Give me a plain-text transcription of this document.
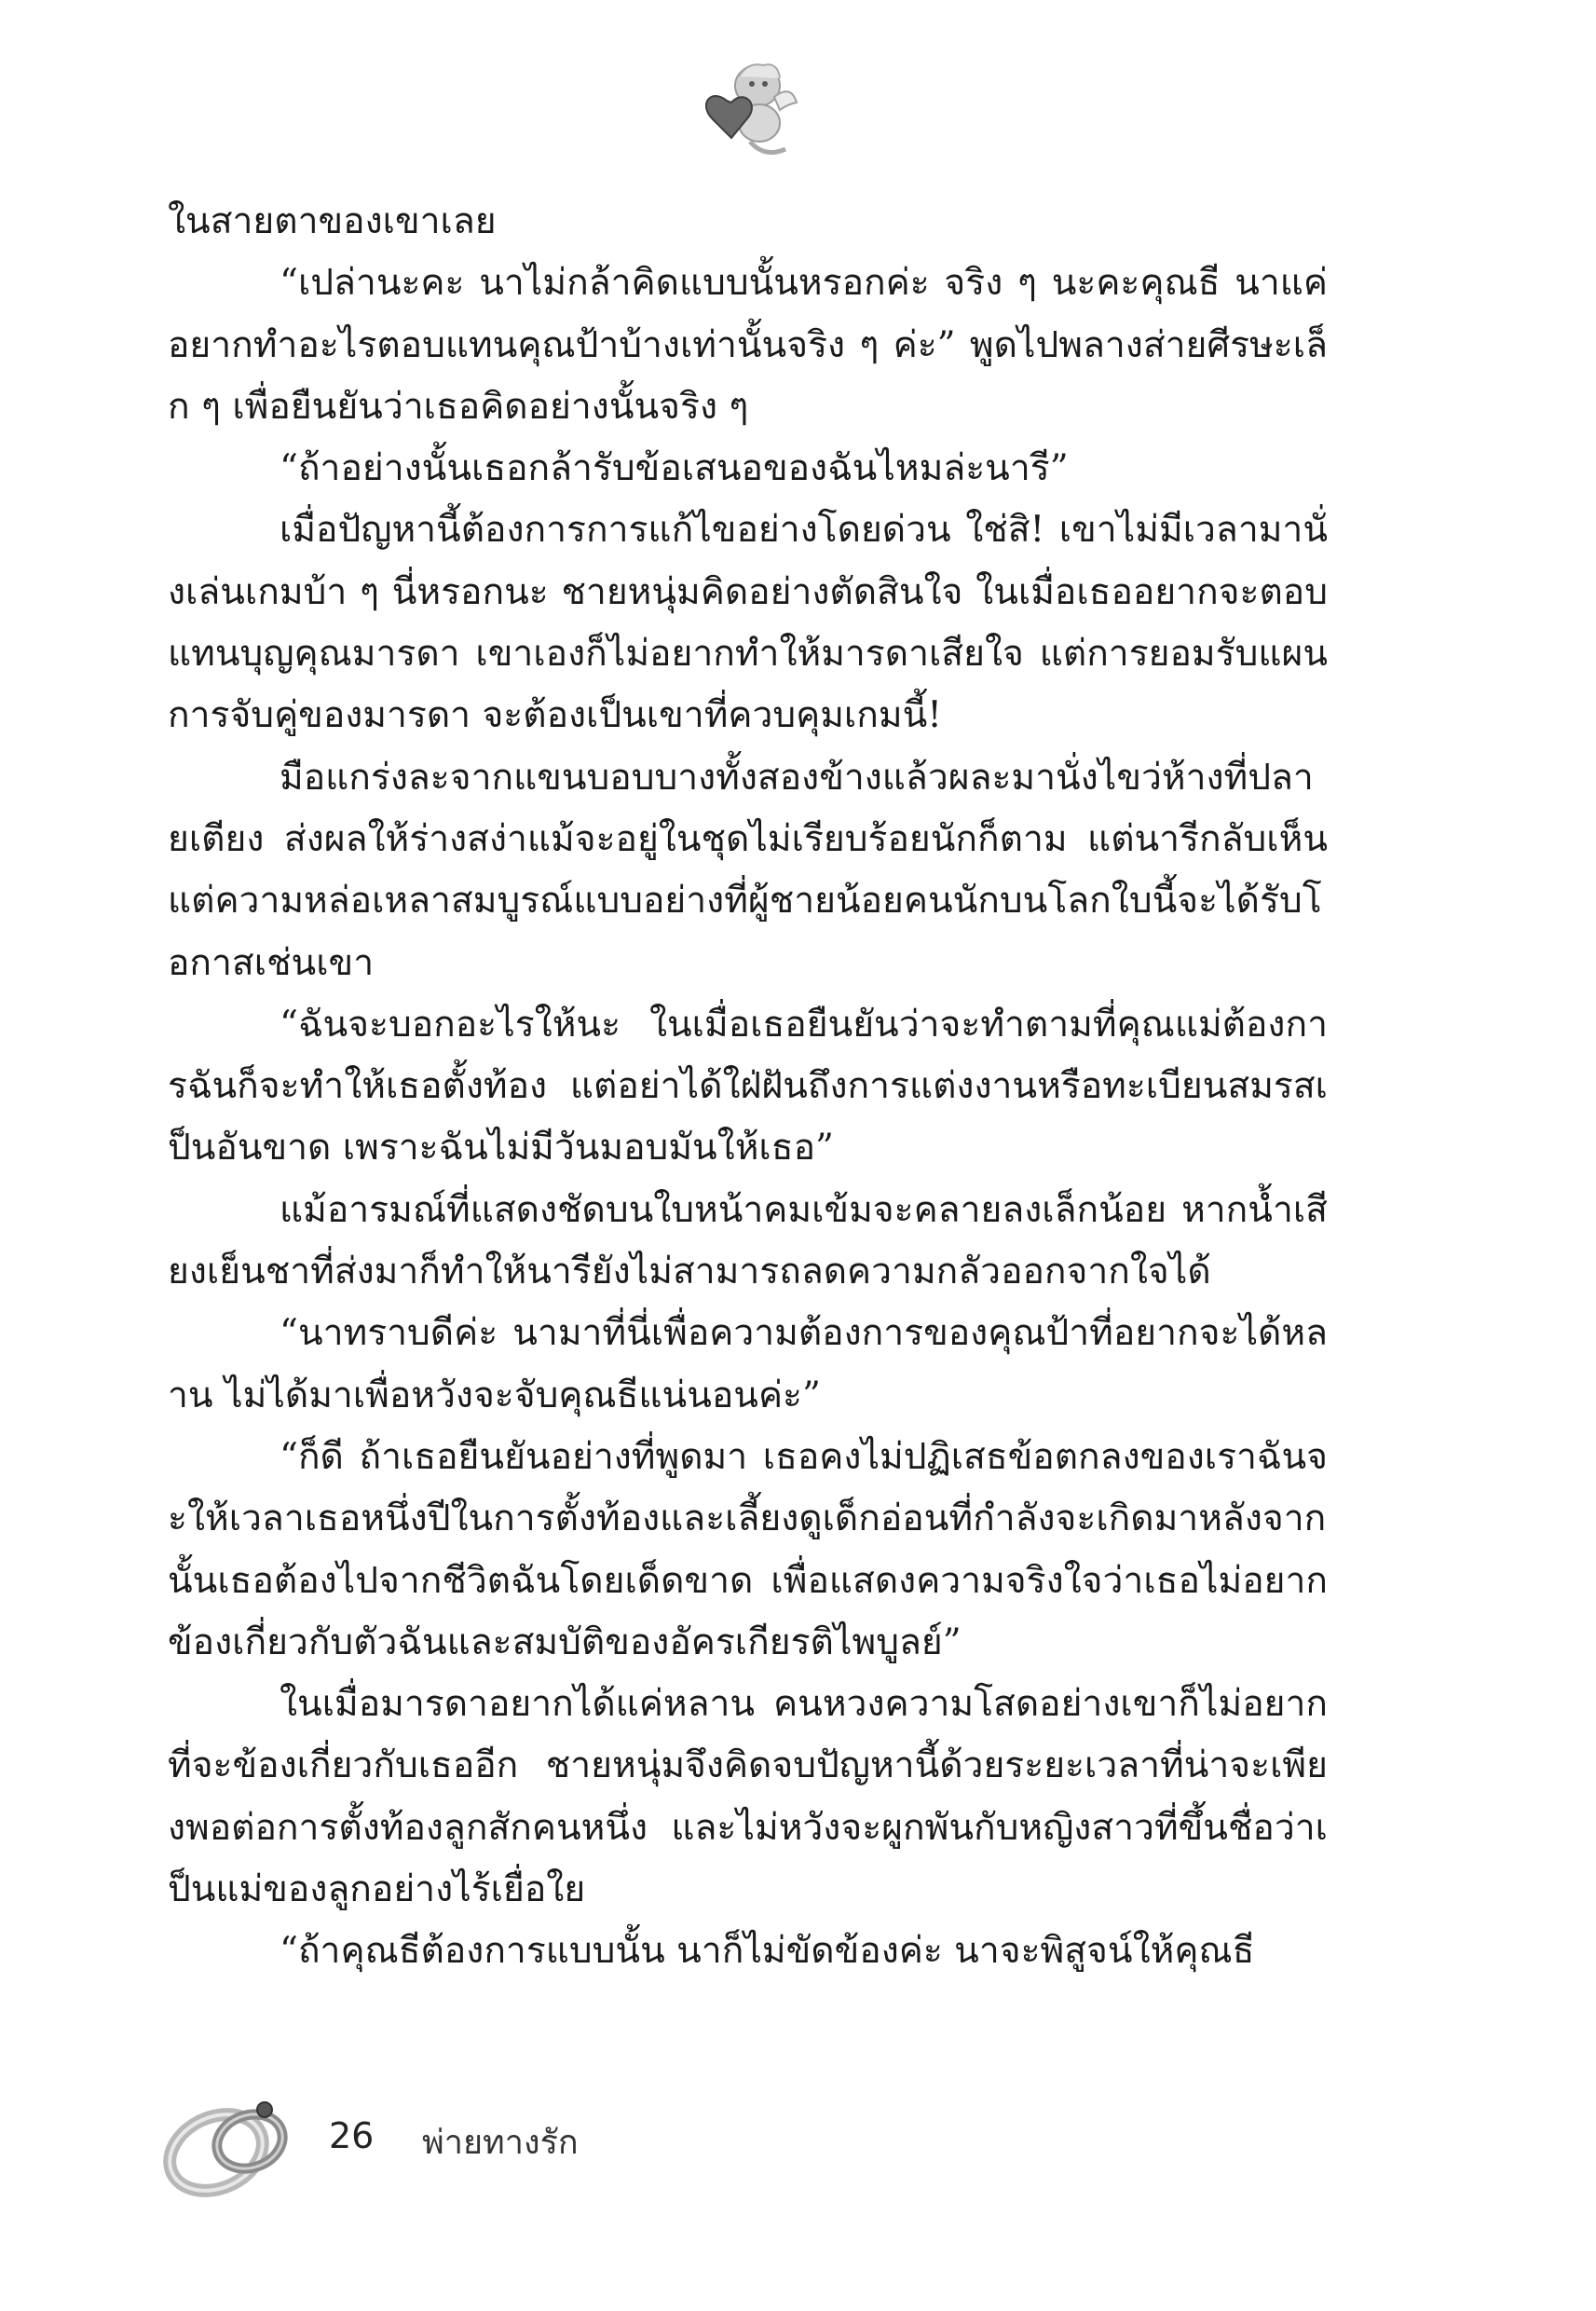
ในสายตาของเขาเลย

“เปล่านะคะ นาไม่กล้าคิดแบบนั้นหรอกค่ะ จริง ๆ นะคะคุณธี นาแค่อยากทำอะไรตอบแทนคุณป้าบ้างเท่านั้นจริง ๆ ค่ะ” พูดไปพลางส่ายศีรษะเล็ก ๆ เพื่อยืนยันว่าเธอคิดอย่างนั้นจริง ๆ

“ถ้าอย่างนั้นเธอกล้ารับข้อเสนอของฉันไหมล่ะนารี”

เมื่อปัญหานี้ต้องการการแก้ไขอย่างโดยด่วน ใช่สิ! เขาไม่มีเวลามานั่งเล่นเกมบ้า ๆ นี่หรอกนะ ชายหนุ่มคิดอย่างตัดสินใจ ในเมื่อเธออยากจะตอบแทนบุญคุณมารดา เขาเองก็ไม่อยากทำให้มารดาเสียใจ แต่การยอมรับแผนการจับคู่ของมารดา จะต้องเป็นเขาที่ควบคุมเกมนี้!

มือแกร่งละจากแขนบอบบางทั้งสองข้างแล้วผละมานั่งไขว่ห้างที่ปลายเตียง ส่งผลให้ร่างสง่าแม้จะอยู่ในชุดไม่เรียบร้อยนักก็ตาม แต่นารีกลับเห็นแต่ความหล่อเหลาสมบูรณ์แบบอย่างที่ผู้ชายน้อยคนนักบนโลกใบนี้จะได้รับโอกาสเช่นเขา

“ฉันจะบอกอะไรให้นะ ในเมื่อเธอยืนยันว่าจะทำตามที่คุณแม่ต้องการฉันก็จะทำให้เธอตั้งท้อง แต่อย่าได้ใฝ่ฝันถึงการแต่งงานหรือทะเบียนสมรสเป็นอันขาด เพราะฉันไม่มีวันมอบมันให้เธอ”

แม้อารมณ์ที่แสดงชัดบนใบหน้าคมเข้มจะคลายลงเล็กน้อย หากน้ำเสียงเย็นชาที่ส่งมาก็ทำให้นารียังไม่สามารถลดความกลัวออกจากใจได้

“นาทราบดีค่ะ นามาที่นี่เพื่อความต้องการของคุณป้าที่อยากจะได้หลาน ไม่ได้มาเพื่อหวังจะจับคุณธีแน่นอนค่ะ”

“ก็ดี ถ้าเธอยืนยันอย่างที่พูดมา เธอคงไม่ปฏิเสธข้อตกลงของเราฉันจะให้เวลาเธอหนึ่งปีในการตั้งท้องและเลี้ยงดูเด็กอ่อนที่กำลังจะเกิดมาหลังจากนั้นเธอต้องไปจากชีวิตฉันโดยเด็ดขาด เพื่อแสดงความจริงใจว่าเธอไม่อยากข้องเกี่ยวกับตัวฉันและสมบัติของอัครเกียรติไพบูลย์”

ในเมื่อมารดาอยากได้แค่หลาน คนหวงความโสดอย่างเขาก็ไม่อยากที่จะข้องเกี่ยวกับเธออีก ชายหนุ่มจึงคิดจบปัญหานี้ด้วยระยะเวลาที่น่าจะเพียงพอต่อการตั้งท้องลูกสักคนหนึ่ง และไม่หวังจะผูกพันกับหญิงสาวที่ขึ้นชื่อว่าเป็นแม่ของลูกอย่างไร้เยื่อใย

“ถ้าคุณธีต้องการแบบนั้น นาก็ไม่ขัดข้องค่ะ นาจะพิสูจน์ให้คุณธี

26 พ่ายทางรัก
